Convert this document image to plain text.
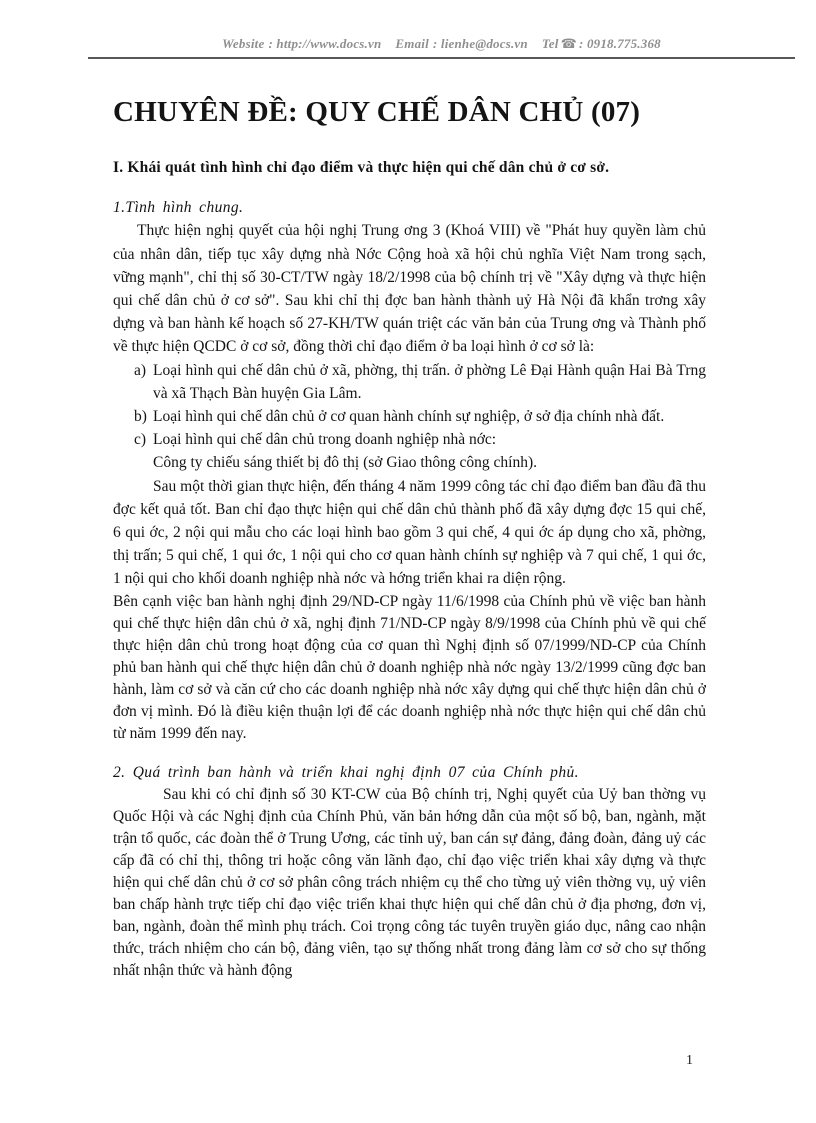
Website : http://www.docs.vn Email : lienhe@docs.vn Tel ☎ : 0918.775.368
CHUYÊN ĐỀ: QUY CHẾ DÂN CHỦ (07)
I. Khái quát tình hình chỉ đạo điểm và thực hiện qui chế dân chủ ở cơ sở.
1.Tình hình chung.

Thực hiện nghị quyết của hội nghị Trung ơng 3 (Khoá VIII) về "Phát huy quyền làm chủ của nhân dân, tiếp tục xây dựng nhà Nớc Cộng hoà xã hội chủ nghĩa Việt Nam trong sạch, vững mạnh", chỉ thị số 30-CT/TW ngày 18/2/1998 của bộ chính trị về "Xây dựng và thực hiện qui chế dân chủ ở cơ sở". Sau khi chỉ thị đợc ban hành thành uỷ Hà Nội đã khẩn trơng xây dựng và ban hành kế hoạch số 27-KH/TW quán triệt các văn bản của Trung ơng và Thành phố về thực hiện QCDC ở cơ sở, đồng thời chỉ đạo điểm ở ba loại hình ở cơ sở là:

a) Loại hình qui chế dân chủ ở xã, phờng, thị trấn. ở phờng Lê Đại Hành quận Hai Bà Trng và xã Thạch Bàn huyện Gia Lâm.
b) Loại hình qui chế dân chủ ở cơ quan hành chính sự nghiệp, ở sở địa chính nhà đất.
c) Loại hình qui chế dân chủ trong doanh nghiệp nhà nớc:
Công ty chiếu sáng thiết bị đô thị (sở Giao thông công chính).

Sau một thời gian thực hiện, đến tháng 4 năm 1999 công tác chỉ đạo điểm ban đầu đã thu đợc kết quả tốt. Ban chỉ đạo thực hiện qui chế dân chủ thành phố đã xây dựng đợc 15 qui chế, 6 qui ớc, 2 nội qui mẫu cho các loại hình bao gồm 3 qui chế, 4 qui ớc áp dụng cho xã, phờng, thị trấn; 5 qui chế, 1 qui ớc, 1 nội qui cho cơ quan hành chính sự nghiệp và 7 qui chế, 1 qui ớc, 1 nội qui cho khối doanh nghiệp nhà nớc và hớng triển khai ra diện rộng.

Bên cạnh việc ban hành nghị định 29/ND-CP ngày 11/6/1998 của Chính phủ về việc ban hành qui chế thực hiện dân chủ ở xã, nghị định 71/ND-CP ngày 8/9/1998 của Chính phủ về qui chế thực hiện dân chủ trong hoạt động của cơ quan thì Nghị định số 07/1999/ND-CP của Chính phủ ban hành qui chế thực hiện dân chủ ở doanh nghiệp nhà nớc ngày 13/2/1999 cũng đợc ban hành, làm cơ sở và căn cứ cho các doanh nghiệp nhà nớc xây dựng qui chế thực hiện dân chủ ở đơn vị mình. Đó là điều kiện thuận lợi để các doanh nghiệp nhà nớc thực hiện qui chế dân chủ từ năm 1999 đến nay.

2. Quá trình ban hành và triển khai nghị định 07 của Chính phủ.

Sau khi có chỉ định số 30 KT-CW của Bộ chính trị, Nghị quyết của Uỷ ban thờng vụ Quốc Hội và các Nghị định của Chính Phủ, văn bản hớng dẫn của một số bộ, ban, ngành, mặt trận tổ quốc, các đoàn thể ở Trung Ương, các tỉnh uỷ, ban cán sự đảng, đảng đoàn, đảng uỷ các cấp đã có chỉ thị, thông tri hoặc công văn lãnh đạo, chỉ đạo việc triển khai xây dựng và thực hiện qui chế dân chủ ở cơ sở phân công trách nhiệm cụ thể cho từng uỷ viên thờng vụ, uỷ viên ban chấp hành trực tiếp chỉ đạo việc triển khai thực hiện qui chế dân chủ ở địa phơng, đơn vị, ban, ngành, đoàn thể mình phụ trách. Coi trọng công tác tuyên truyền giáo dục, nâng cao nhận thức, trách nhiệm cho cán bộ, đảng viên, tạo sự thống nhất trong đảng làm cơ sở cho sự thống nhất nhận thức và hành động

1
